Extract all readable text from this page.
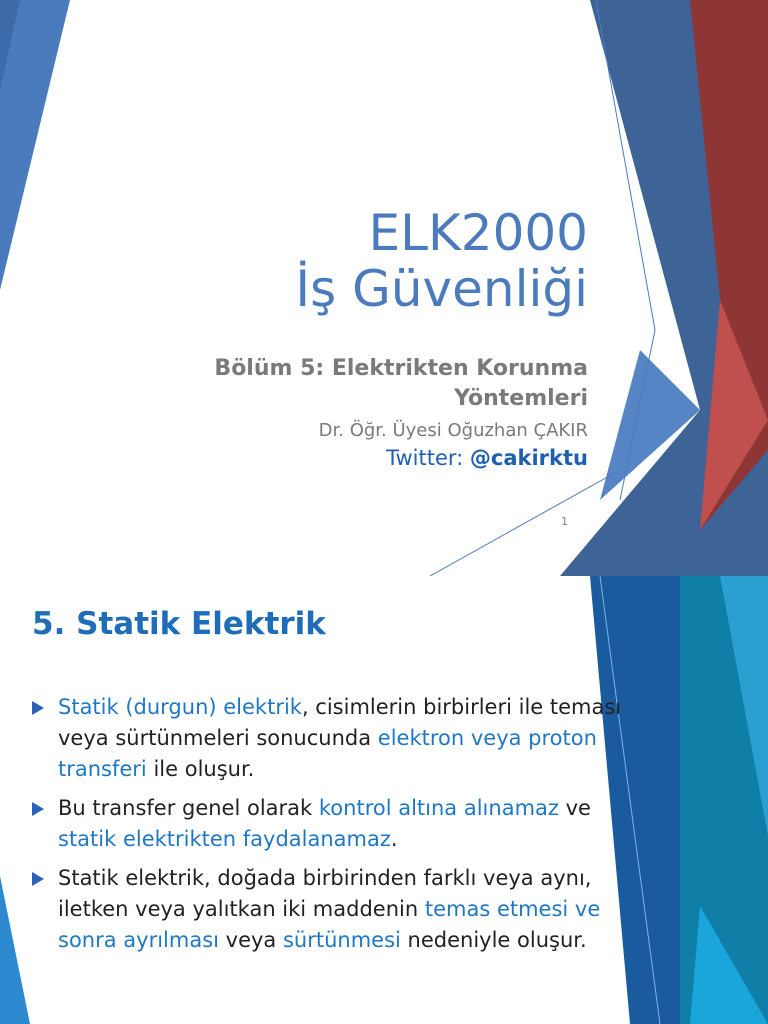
ELK2000
İş Güvenliği
Bölüm 5: Elektrikten Korunma
Yöntemleri
Dr. Öğr. Üyesi Oğuzhan ÇAKIR
Twitter: @cakirktu
1
5. Statik Elektrik
Statik (durgun) elektrik, cisimlerin birbirleri ile teması veya sürtünmeleri sonucunda elektron veya proton transferi ile oluşur.
Bu transfer genel olarak kontrol altına alınamaz ve statik elektrikten faydalanamaz.
Statik elektrik, doğada birbirinden farklı veya aynı, iletken veya yalıtkan iki maddenin temas etmesi ve sonra ayrılması veya sürtünmesi nedeniyle oluşur.
